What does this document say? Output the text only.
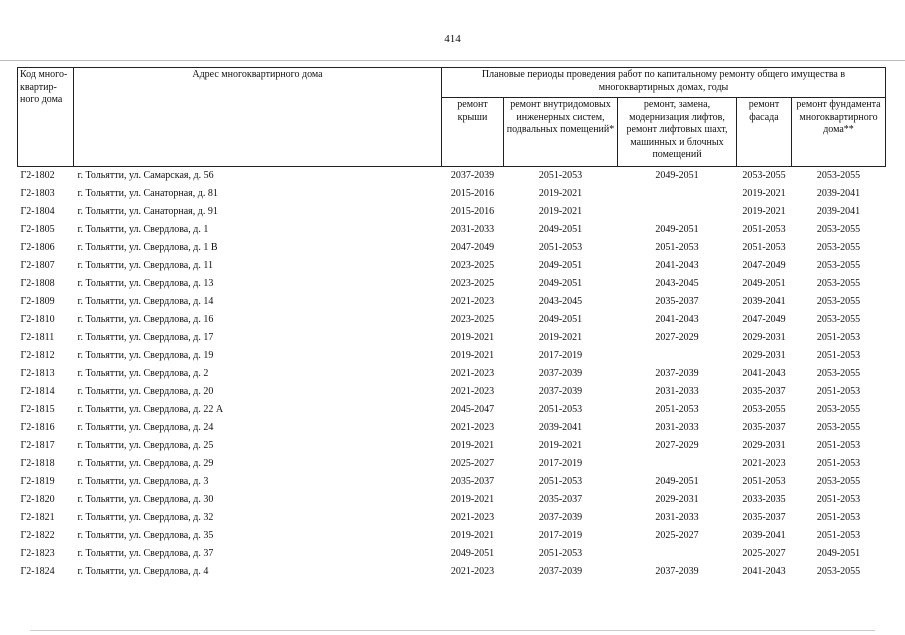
414
Код много-квартир-ного дома	Адрес многоквартирного дома	Плановые периоды проведения работ по капитальному ремонту общего имущества в многоквартирных домах, годы				
		ремонт крыши	ремонт внутридомовых инженерных систем, подвальных помещений*	ремонт, замена, модернизация лифтов, ремонт лифтовых шахт, машинных и блочных помещений	ремонт фасада	ремонт фундамента многоквартирного дома**
Г2-1802	г. Тольятти, ул. Самарская, д. 56	2037-2039	2051-2053	2049-2051	2053-2055	2053-2055
Г2-1803	г. Тольятти, ул. Санаторная, д. 81	2015-2016	2019-2021		2019-2021	2039-2041
Г2-1804	г. Тольятти, ул. Санаторная, д. 91	2015-2016	2019-2021		2019-2021	2039-2041
Г2-1805	г. Тольятти, ул. Свердлова, д. 1	2031-2033	2049-2051	2049-2051	2051-2053	2053-2055
Г2-1806	г. Тольятти, ул. Свердлова, д. 1 В	2047-2049	2051-2053	2051-2053	2051-2053	2053-2055
Г2-1807	г. Тольятти, ул. Свердлова, д. 11	2023-2025	2049-2051	2041-2043	2047-2049	2053-2055
Г2-1808	г. Тольятти, ул. Свердлова, д. 13	2023-2025	2049-2051	2043-2045	2049-2051	2053-2055
Г2-1809	г. Тольятти, ул. Свердлова, д. 14	2021-2023	2043-2045	2035-2037	2039-2041	2053-2055
Г2-1810	г. Тольятти, ул. Свердлова, д. 16	2023-2025	2049-2051	2041-2043	2047-2049	2053-2055
Г2-1811	г. Тольятти, ул. Свердлова, д. 17	2019-2021	2019-2021	2027-2029	2029-2031	2051-2053
Г2-1812	г. Тольятти, ул. Свердлова, д. 19	2019-2021	2017-2019		2029-2031	2051-2053
Г2-1813	г. Тольятти, ул. Свердлова, д. 2	2021-2023	2037-2039	2037-2039	2041-2043	2053-2055
Г2-1814	г. Тольятти, ул. Свердлова, д. 20	2021-2023	2037-2039	2031-2033	2035-2037	2051-2053
Г2-1815	г. Тольятти, ул. Свердлова, д. 22 А	2045-2047	2051-2053	2051-2053	2053-2055	2053-2055
Г2-1816	г. Тольятти, ул. Свердлова, д. 24	2021-2023	2039-2041	2031-2033	2035-2037	2053-2055
Г2-1817	г. Тольятти, ул. Свердлова, д. 25	2019-2021	2019-2021	2027-2029	2029-2031	2051-2053
Г2-1818	г. Тольятти, ул. Свердлова, д. 29	2025-2027	2017-2019		2021-2023	2051-2053
Г2-1819	г. Тольятти, ул. Свердлова, д. 3	2035-2037	2051-2053	2049-2051	2051-2053	2053-2055
Г2-1820	г. Тольятти, ул. Свердлова, д. 30	2019-2021	2035-2037	2029-2031	2033-2035	2051-2053
Г2-1821	г. Тольятти, ул. Свердлова, д. 32	2021-2023	2037-2039	2031-2033	2035-2037	2051-2053
Г2-1822	г. Тольятти, ул. Свердлова, д. 35	2019-2021	2017-2019	2025-2027	2039-2041	2051-2053
Г2-1823	г. Тольятти, ул. Свердлова, д. 37	2049-2051	2051-2053		2025-2027	2049-2051
Г2-1824	г. Тольятти, ул. Свердлова, д. 4	2021-2023	2037-2039	2037-2039	2041-2043	2053-2055
